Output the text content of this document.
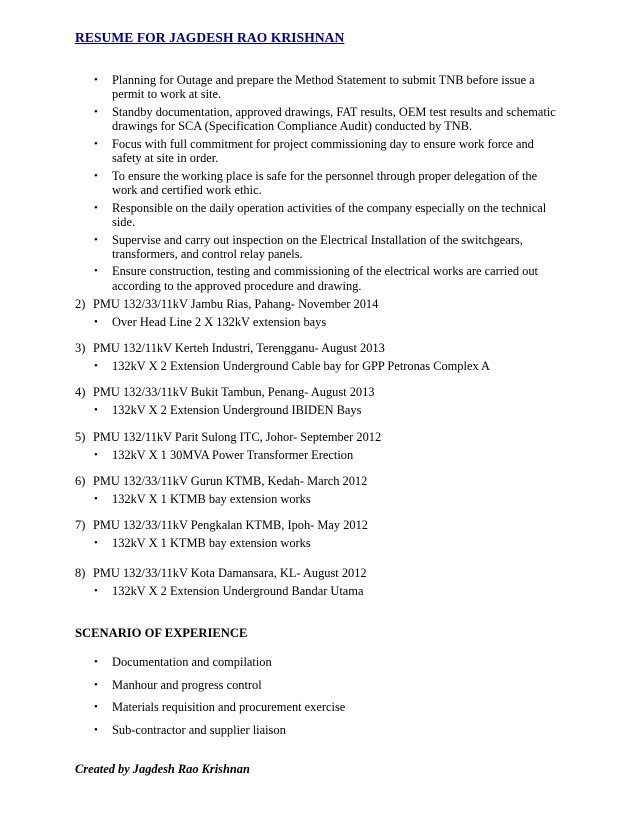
RESUME FOR JAGDESH RAO KRISHNAN
• Planning for Outage and prepare the Method Statement to submit TNB before issue a permit to work at site.
• Standby documentation, approved drawings, FAT results, OEM test results and schematic drawings for SCA (Specification Compliance Audit) conducted by TNB.
• Focus with full commitment for project commissioning day to ensure work force and safety at site in order.
• To ensure the working place is safe for the personnel through proper delegation of the work and certified work ethic.
• Responsible on the daily operation activities of the company especially on the technical side.
• Supervise and carry out inspection on the Electrical Installation of the switchgears, transformers, and control relay panels.
• Ensure construction, testing and commissioning of the electrical works are carried out according to the approved procedure and drawing.
2) PMU 132/33/11kV Jambu Rias, Pahang- November 2014
• Over Head Line 2 X 132kV extension bays
3) PMU 132/11kV Kerteh Industri, Terengganu- August 2013
• 132kV X 2 Extension Underground Cable bay for GPP Petronas Complex A
4) PMU 132/33/11kV Bukit Tambun, Penang- August 2013
• 132kV X 2 Extension Underground IBIDEN Bays
5) PMU 132/11kV Parit Sulong ITC, Johor- September 2012
• 132kV X 1 30MVA Power Transformer Erection
6) PMU 132/33/11kV Gurun KTMB, Kedah- March 2012
• 132kV X 1 KTMB bay extension works
7) PMU 132/33/11kV Pengkalan KTMB, Ipoh- May 2012
• 132kV X 1 KTMB bay extension works
8) PMU 132/33/11kV Kota Damansara, KL- August 2012
• 132kV X 2 Extension Underground Bandar Utama
SCENARIO OF EXPERIENCE
• Documentation and compilation
• Manhour and progress control
• Materials requisition and procurement exercise
• Sub-contractor and supplier liaison
Created by Jagdesh Rao Krishnan
